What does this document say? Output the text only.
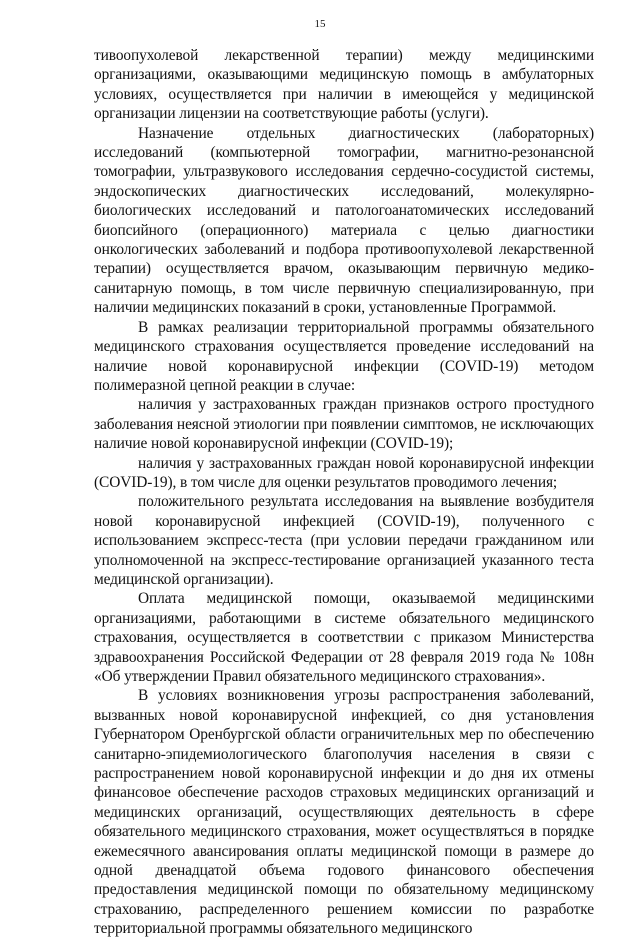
15

тивоопухолевой лекарственной терапии) между медицинскими организациями, оказывающими медицинскую помощь в амбулаторных условиях, осуществляется при наличии в имеющейся у медицинской организации лицензии на соответствующие работы (услуги).

Назначение отдельных диагностических (лабораторных) исследований (компьютерной томографии, магнитно-резонансной томографии, ультразвукового исследования сердечно-сосудистой системы, эндоскопических диагностических исследований, молекулярно-биологических исследований и патологоанатомических исследований биопсийного (операционного) материала с целью диагностики онкологических заболеваний и подбора противоопухолевой лекарственной терапии) осуществляется врачом, оказывающим первичную медико-санитарную помощь, в том числе первичную специализированную, при наличии медицинских показаний в сроки, установленные Программой.

В рамках реализации территориальной программы обязательного медицинского страхования осуществляется проведение исследований на наличие новой коронавирусной инфекции (COVID-19) методом полимеразной цепной реакции в случае:

наличия у застрахованных граждан признаков острого простудного заболевания неясной этиологии при появлении симптомов, не исключающих наличие новой коронавирусной инфекции (COVID-19);

наличия у застрахованных граждан новой коронавирусной инфекции (COVID-19), в том числе для оценки результатов проводимого лечения;

положительного результата исследования на выявление возбудителя новой коронавирусной инфекцией (COVID-19), полученного с использованием экспресс-теста (при условии передачи гражданином или уполномоченной на экспресс-тестирование организацией указанного теста медицинской организации).

Оплата медицинской помощи, оказываемой медицинскими организациями, работающими в системе обязательного медицинского страхования, осуществляется в соответствии с приказом Министерства здравоохранения Российской Федерации от 28 февраля 2019 года № 108н «Об утверждении Правил обязательного медицинского страхования».

В условиях возникновения угрозы распространения заболеваний, вызванных новой коронавирусной инфекцией, со дня установления Губернатором Оренбургской области ограничительных мер по обеспечению санитарно-эпидемиологического благополучия населения в связи с распространением новой коронавирусной инфекции и до дня их отмены финансовое обеспечение расходов страховых медицинских организаций и медицинских организаций, осуществляющих деятельность в сфере обязательного медицинского страхования, может осуществляться в порядке ежемесячного авансирования оплаты медицинской помощи в размере до одной двенадцатой объема годового финансового обеспечения предоставления медицинской помощи по обязательному медицинскому страхованию, распределенного решением комиссии по разработке территориальной программы обязательного медицинского
